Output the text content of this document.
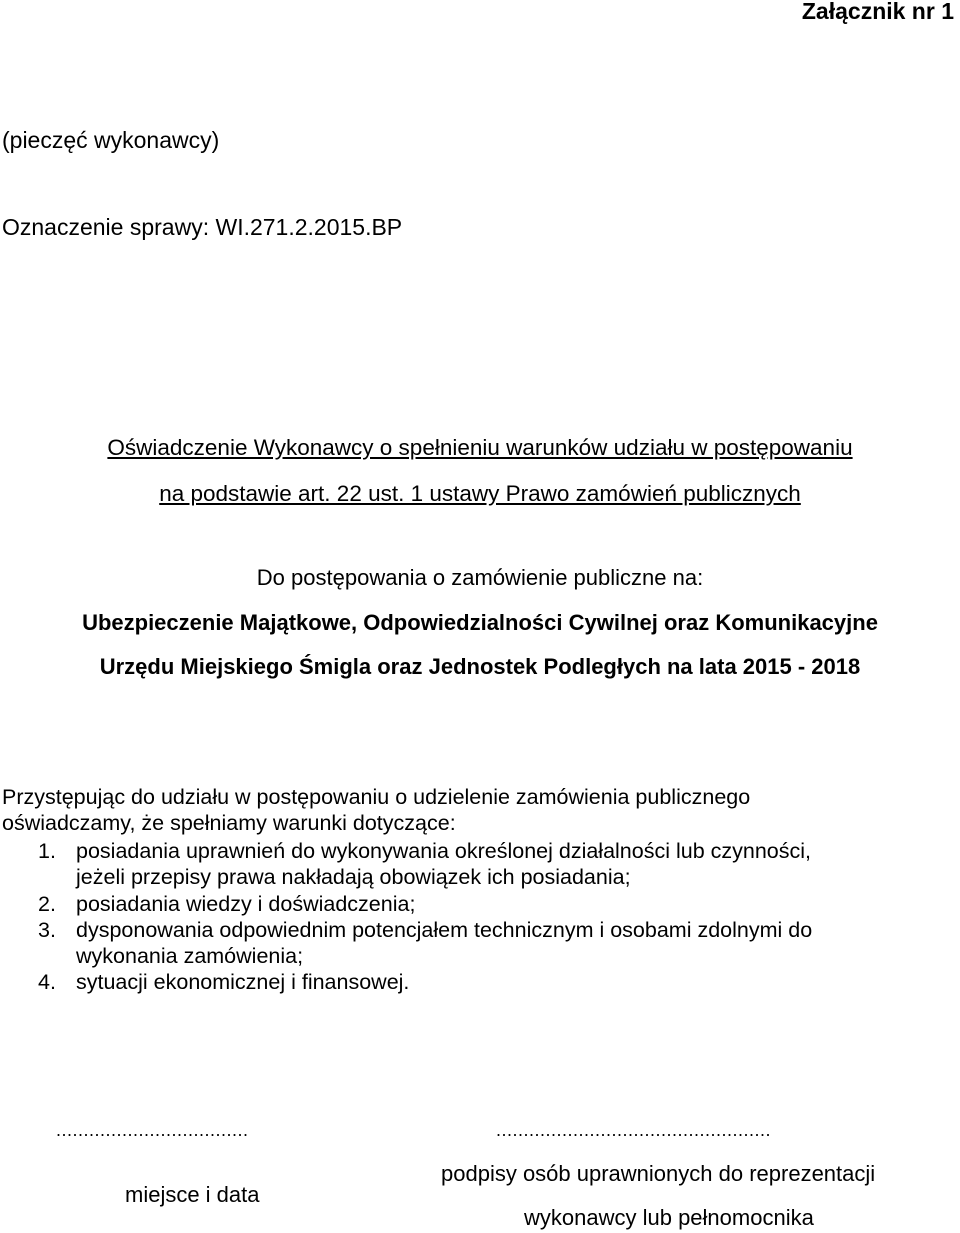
Załącznik nr 1
(pieczęć wykonawcy)
Oznaczenie sprawy: WI.271.2.2015.BP
Oświadczenie Wykonawcy o spełnieniu warunków udziału w postępowaniu
na podstawie art. 22 ust. 1 ustawy Prawo zamówień publicznych
Do postępowania o zamówienie publiczne na:
Ubezpieczenie Majątkowe, Odpowiedzialności Cywilnej oraz Komunikacyjne
Urzędu Miejskiego Śmigla oraz Jednostek Podległych na lata 2015 - 2018
Przystępując do udziału w postępowaniu o udzielenie zamówienia publicznego
oświadczamy, że spełniamy warunki dotyczące:
1. posiadania uprawnień do wykonywania określonej działalności lub czynności,
jeżeli przepisy prawa nakładają obowiązek ich posiadania;
2. posiadania wiedzy i doświadczenia;
3. dysponowania odpowiednim potencjałem technicznym i osobami zdolnymi do
wykonania zamówienia;
4. sytuacji ekonomicznej i finansowej.
...................................	..................................................
miejsce i data
podpisy osób uprawnionych do reprezentacji
wykonawcy lub pełnomocnika
